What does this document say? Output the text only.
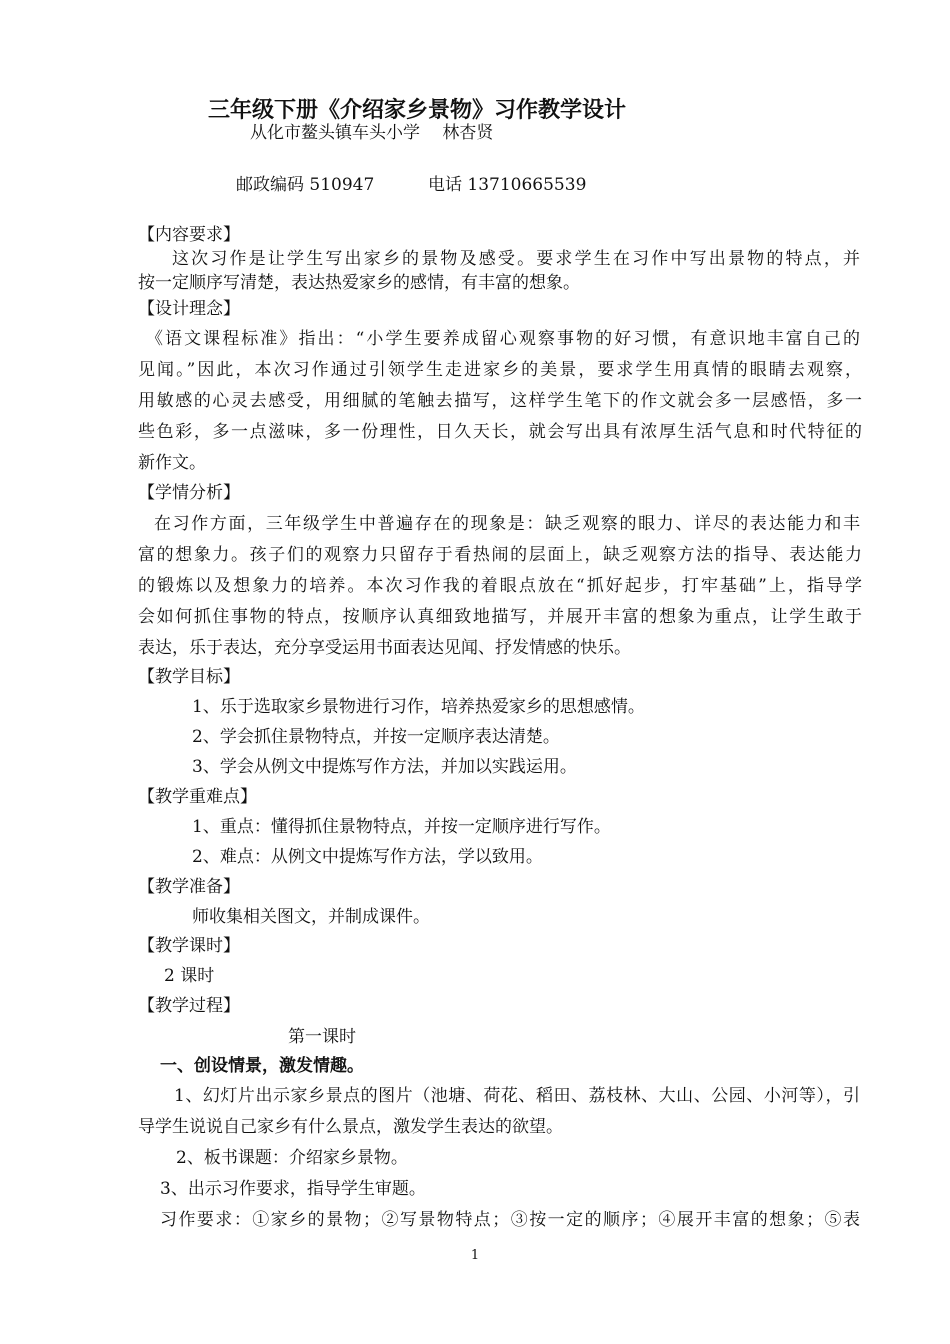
三年级下册《介绍家乡景物》习作教学设计
从化市鳌头镇车头小学　 林杏贤
邮政编码 510947	电话 13710665539
【内容要求】
这次习作是让学生写出家乡的景物及感受。要求学生在习作中写出景物的特点，并
按一定顺序写清楚，表达热爱家乡的感情，有丰富的想象。
【设计理念】
《语文课程标准》指出：“小学生要养成留心观察事物的好习惯，有意识地丰富自己的
见闻。”因此，本次习作通过引领学生走进家乡的美景，要求学生用真情的眼睛去观察，
用敏感的心灵去感受，用细腻的笔触去描写，这样学生笔下的作文就会多一层感悟，多一
些色彩，多一点滋味，多一份理性，日久天长，就会写出具有浓厚生活气息和时代特征的
新作文。
【学情分析】
在习作方面，三年级学生中普遍存在的现象是：缺乏观察的眼力、详尽的表达能力和丰
富的想象力。孩子们的观察力只留存于看热闹的层面上，缺乏观察方法的指导、表达能力
的锻炼以及想象力的培养。本次习作我的着眼点放在“抓好起步，打牢基础”上，指导学
会如何抓住事物的特点，按顺序认真细致地描写，并展开丰富的想象为重点，让学生敢于
表达，乐于表达，充分享受运用书面表达见闻、抒发情感的快乐。
【教学目标】
1、乐于选取家乡景物进行习作，培养热爱家乡的思想感情。
2、学会抓住景物特点，并按一定顺序表达清楚。
3、学会从例文中提炼写作方法，并加以实践运用。
【教学重难点】
1、重点：懂得抓住景物特点，并按一定顺序进行写作。
2、难点：从例文中提炼写作方法，学以致用。
【教学准备】
师收集相关图文，并制成课件。
【教学课时】
2 课时
【教学过程】
第一课时
一、创设情景，激发情趣。
1、幻灯片出示家乡景点的图片（池塘、荷花、稻田、荔枝林、大山、公园、小河等），引
导学生说说自己家乡有什么景点，激发学生表达的欲望。
2、板书课题：介绍家乡景物。
3、出示习作要求，指导学生审题。
习作要求：①家乡的景物；②写景物特点；③按一定的顺序；④展开丰富的想象；⑤表
1
